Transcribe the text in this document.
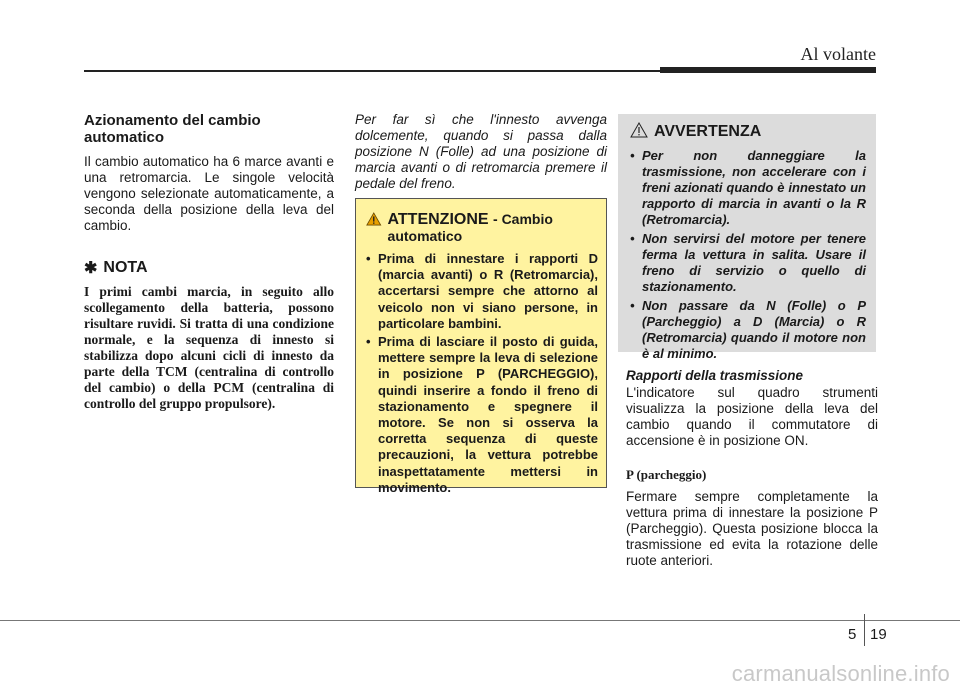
Al volante
Azionamento del cambio automatico

Il cambio automatico ha 6 marce avanti e una retromarcia. Le singole velocità vengono selezionate automaticamente, a seconda della posizione della leva del cambio.

✱ NOTA

I primi cambi marcia, in seguito allo scollegamento della batteria, possono risultare ruvidi. Si tratta di una condizione normale, e la sequenza di innesto si stabilizza dopo alcuni cicli di innesto da parte della TCM (centralina di controllo del cambio) o della PCM (centralina di controllo del gruppo propulsore).

Per far sì che l'innesto avvenga dolcemente, quando si passa dalla posizione N (Folle) ad una posizione di marcia avanti o di retromarcia premere il pedale del freno.

ATTENZIONE - Cambio automatico
• Prima di innestare i rapporti D (marcia avanti) o R (Retromarcia), accertarsi sempre che attorno al veicolo non vi siano persone, in particolare bambini.
• Prima di lasciare il posto di guida, mettere sempre la leva di selezione in posizione P (PARCHEGGIO), quindi inserire a fondo il freno di stazionamento e spegnere il motore. Se non si osserva la corretta sequenza di queste precauzioni, la vettura potrebbe inaspettatamente mettersi in movimento.
AVVERTENZA
• Per non danneggiare la trasmissione, non accelerare con i freni azionati quando è innestato un rapporto di marcia in avanti o la R (Retromarcia).
• Non servirsi del motore per tenere ferma la vettura in salita. Usare il freno di servizio o quello di stazionamento.
• Non passare da N (Folle) o P (Parcheggio) a D (Marcia) o R (Retromarcia) quando il motore non è al minimo.

Rapporti della trasmissione

L'indicatore sul quadro strumenti visualizza la posizione della leva del cambio quando il commutatore di accensione è in posizione ON.

P (parcheggio)

Fermare sempre completamente la vettura prima di innestare la posizione P (Parcheggio). Questa posizione blocca la trasmissione ed evita la rotazione delle ruote anteriori.

5 19
carmanualsonline.info
